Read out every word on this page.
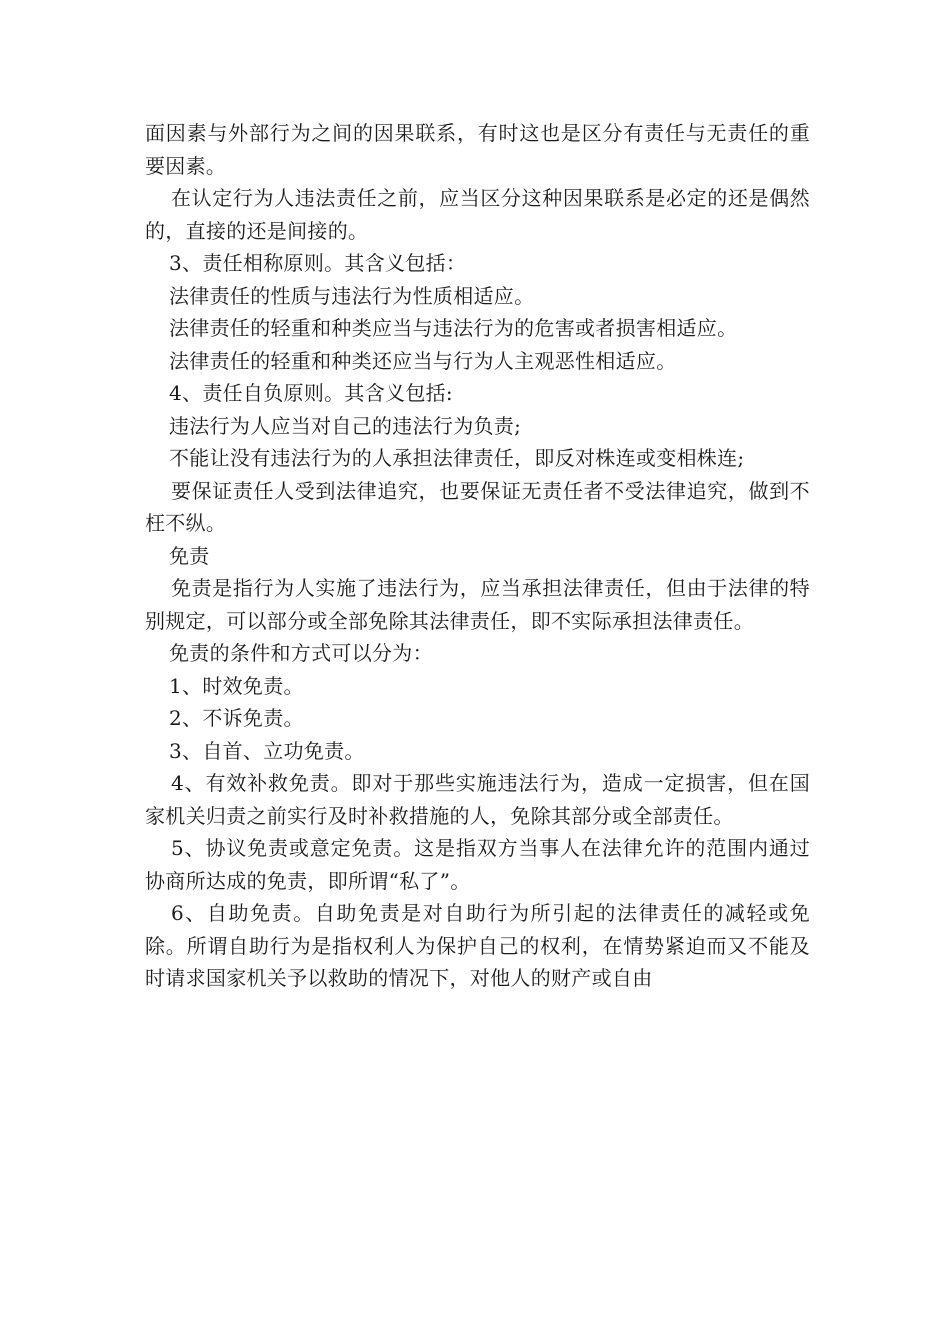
面因素与外部行为之间的因果联系，有时这也是区分有责任与无责任的重要因素。

在认定行为人违法责任之前，应当区分这种因果联系是必定的还是偶然的，直接的还是间接的。

3、责任相称原则。其含义包括：

法律责任的性质与违法行为性质相适应。

法律责任的轻重和种类应当与违法行为的危害或者损害相适应。

法律责任的轻重和种类还应当与行为人主观恶性相适应。

4、责任自负原则。其含义包括:

违法行为人应当对自己的违法行为负责;

不能让没有违法行为的人承担法律责任，即反对株连或变相株连;

要保证责任人受到法律追究，也要保证无责任者不受法律追究，做到不枉不纵。

免责

免责是指行为人实施了违法行为，应当承担法律责任，但由于法律的特别规定，可以部分或全部免除其法律责任，即不实际承担法律责任。

免责的条件和方式可以分为：

1、时效免责。

2、不诉免责。

3、自首、立功免责。

4、有效补救免责。即对于那些实施违法行为，造成一定损害，但在国家机关归责之前实行及时补救措施的人，免除其部分或全部责任。

5、协议免责或意定免责。这是指双方当事人在法律允许的范围内通过协商所达成的免责，即所谓“私了”。

6、自助免责。自助免责是对自助行为所引起的法律责任的减轻或免除。所谓自助行为是指权利人为保护自己的权利，在情势紧迫而又不能及时请求国家机关予以救助的情况下，对他人的财产或自由
